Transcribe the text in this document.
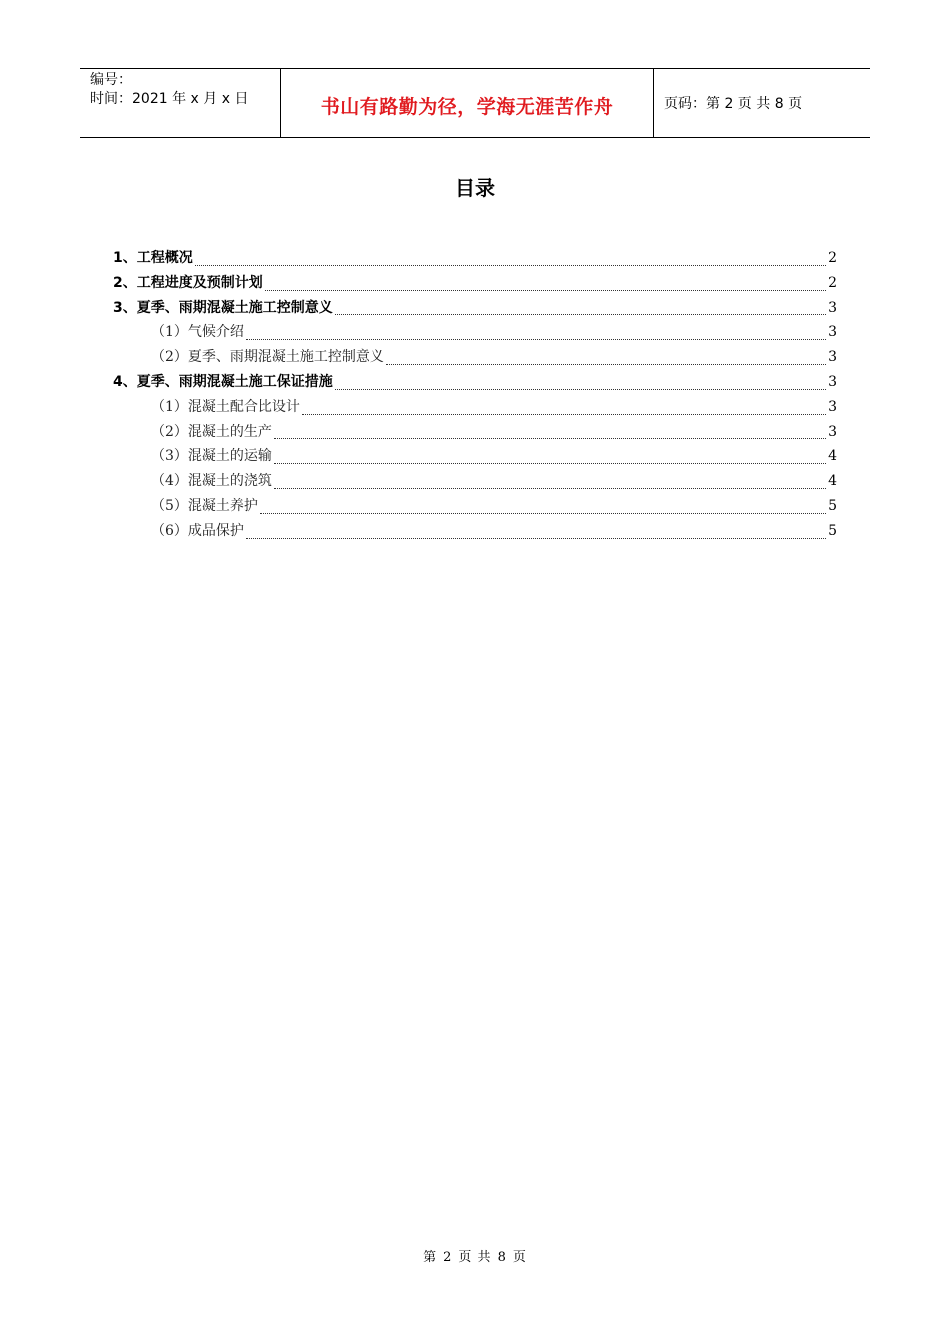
编号：
时间：2021 年 x 月 x 日	书山有路勤为径，学海无涯苦作舟	页码：第 2 页 共 8 页
目录
1、工程概况	2
2、工程进度及预制计划	2
3、夏季、雨期混凝土施工控制意义	3
（1）气候介绍	3
（2）夏季、雨期混凝土施工控制意义	3
4、夏季、雨期混凝土施工保证措施	3
（1）混凝土配合比设计	3
（2）混凝土的生产	3
（3）混凝土的运输	4
（4）混凝土的浇筑	4
（5）混凝土养护	5
（6）成品保护	5
第 2 页 共 8 页
